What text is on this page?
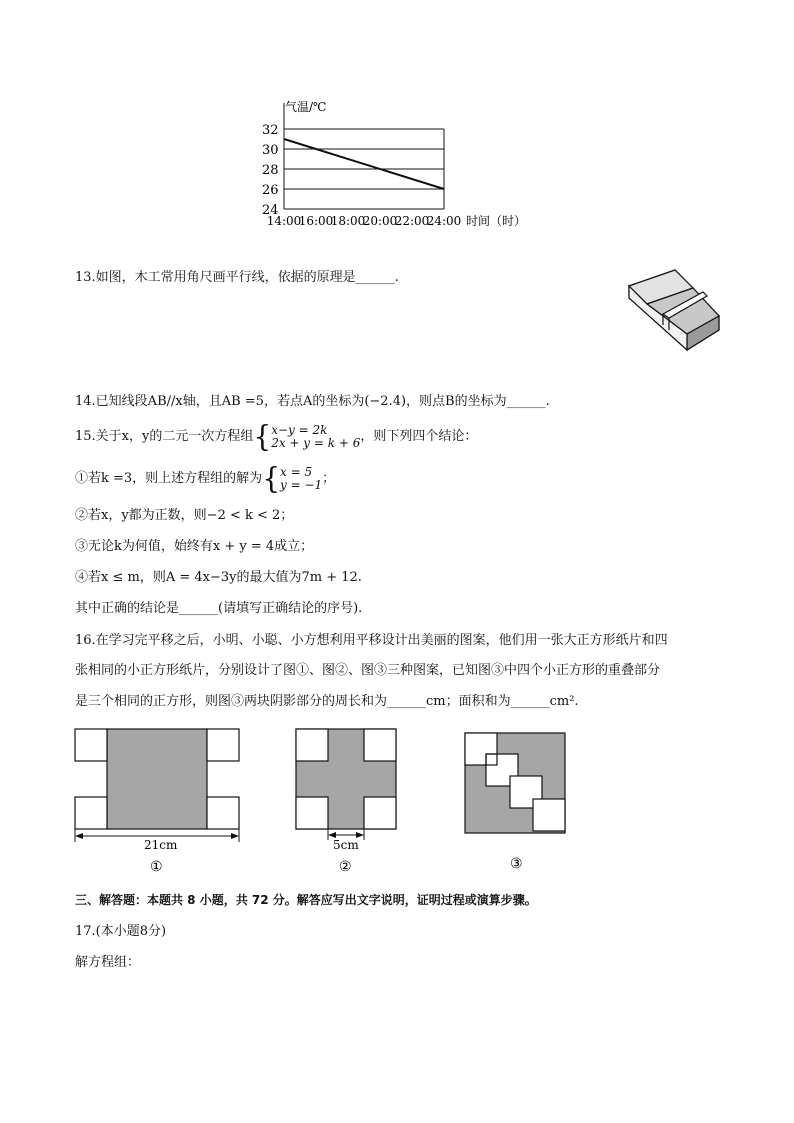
气温/℃
24
26
28
30
32
14:00
16:00
18:00
20:00
22:00
24:00 时间（时）
13.如图，木工常用角尺画平行线，依据的原理是______.
14.已知线段AB//x轴，且AB =5，若点A的坐标为(−2.4)，则点B的坐标为______.
15.关于x，y的二元一次方程组{x−y = 2k
2x + y = k + 6，则下列四个结论：
①若k =3，则上述方程组的解为{x = 5
y = −1；
②若x，y都为正数，则−2 < k < 2；
③无论k为何值，始终有x + y = 4成立；
④若x ≤ m，则A = 4x−3y的最大值为7m + 12.
其中正确的结论是______(请填写正确结论的序号).
16.在学习完平移之后，小明、小聪、小方想利用平移设计出美丽的图案，他们用一张大正方形纸片和四
张相同的小正方形纸片，分别设计了图①、图②、图③三种图案，已知图③中四个小正方形的重叠部分
是三个相同的正方形，则图③两块阴影部分的周长和为______cm；面积和为______cm².
21cm
①
5cm
②	③
三、解答题：本题共 8 小题，共 72 分。解答应写出文字说明，证明过程或演算步骤。
17.(本小题8分)
解方程组：
